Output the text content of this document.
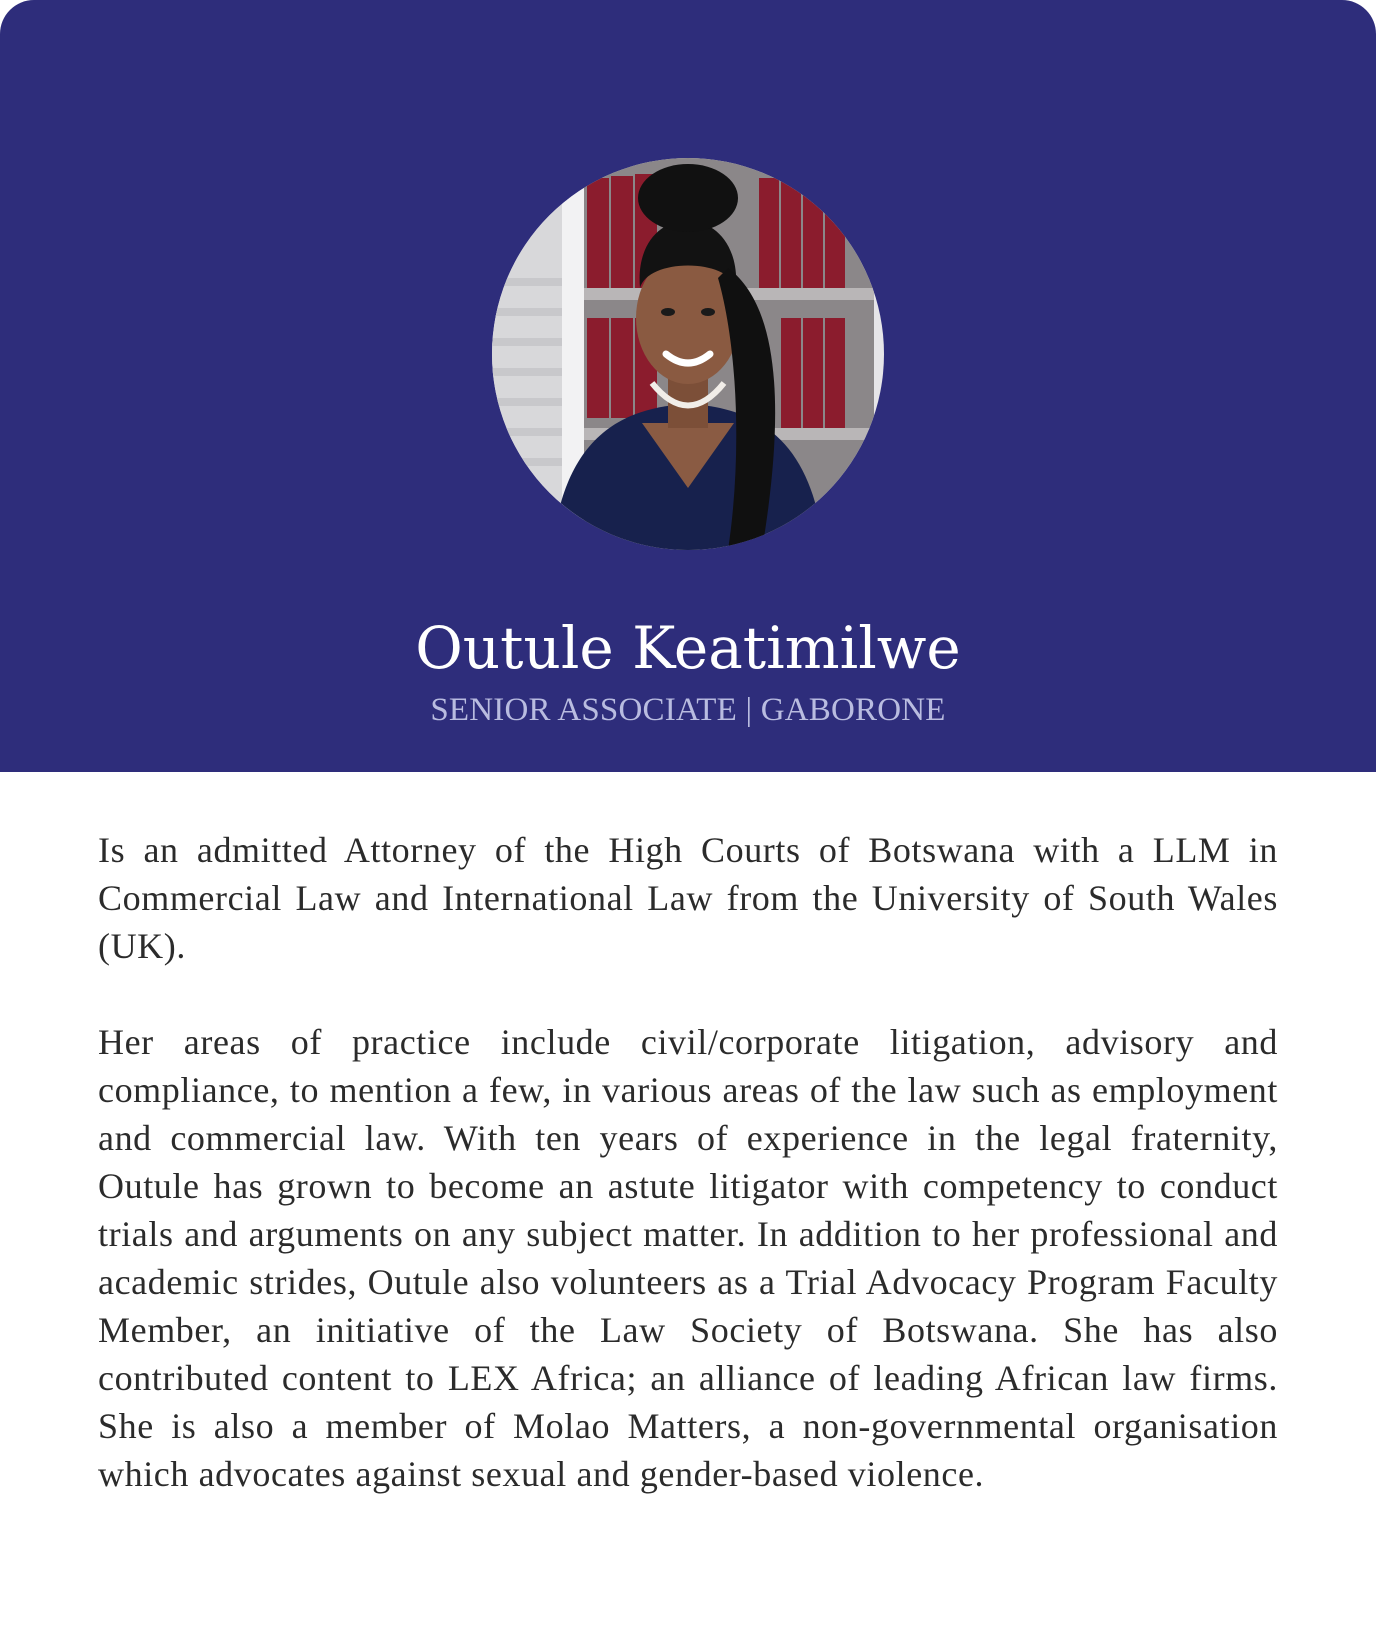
Outule Keatimilwe
SENIOR ASSOCIATE | GABORONE

Is an admitted Attorney of the High Courts of Botswana with a LLM in Commercial Law and International Law from the University of South Wales (UK).

Her areas of practice include civil/corporate litigation, advisory and compliance, to mention a few, in various areas of the law such as employment and commercial law. With ten years of experience in the legal fraternity, Outule has grown to become an astute litigator with competency to conduct trials and arguments on any subject matter. In addition to her professional and academic strides, Outule also volunteers as a Trial Advocacy Program Faculty Member, an initiative of the Law Society of Botswana. She has also contributed content to LEX Africa; an alliance of leading African law firms. She is also a member of Molao Matters, a non-governmental organisation which advocates against sexual and gender-based violence.
